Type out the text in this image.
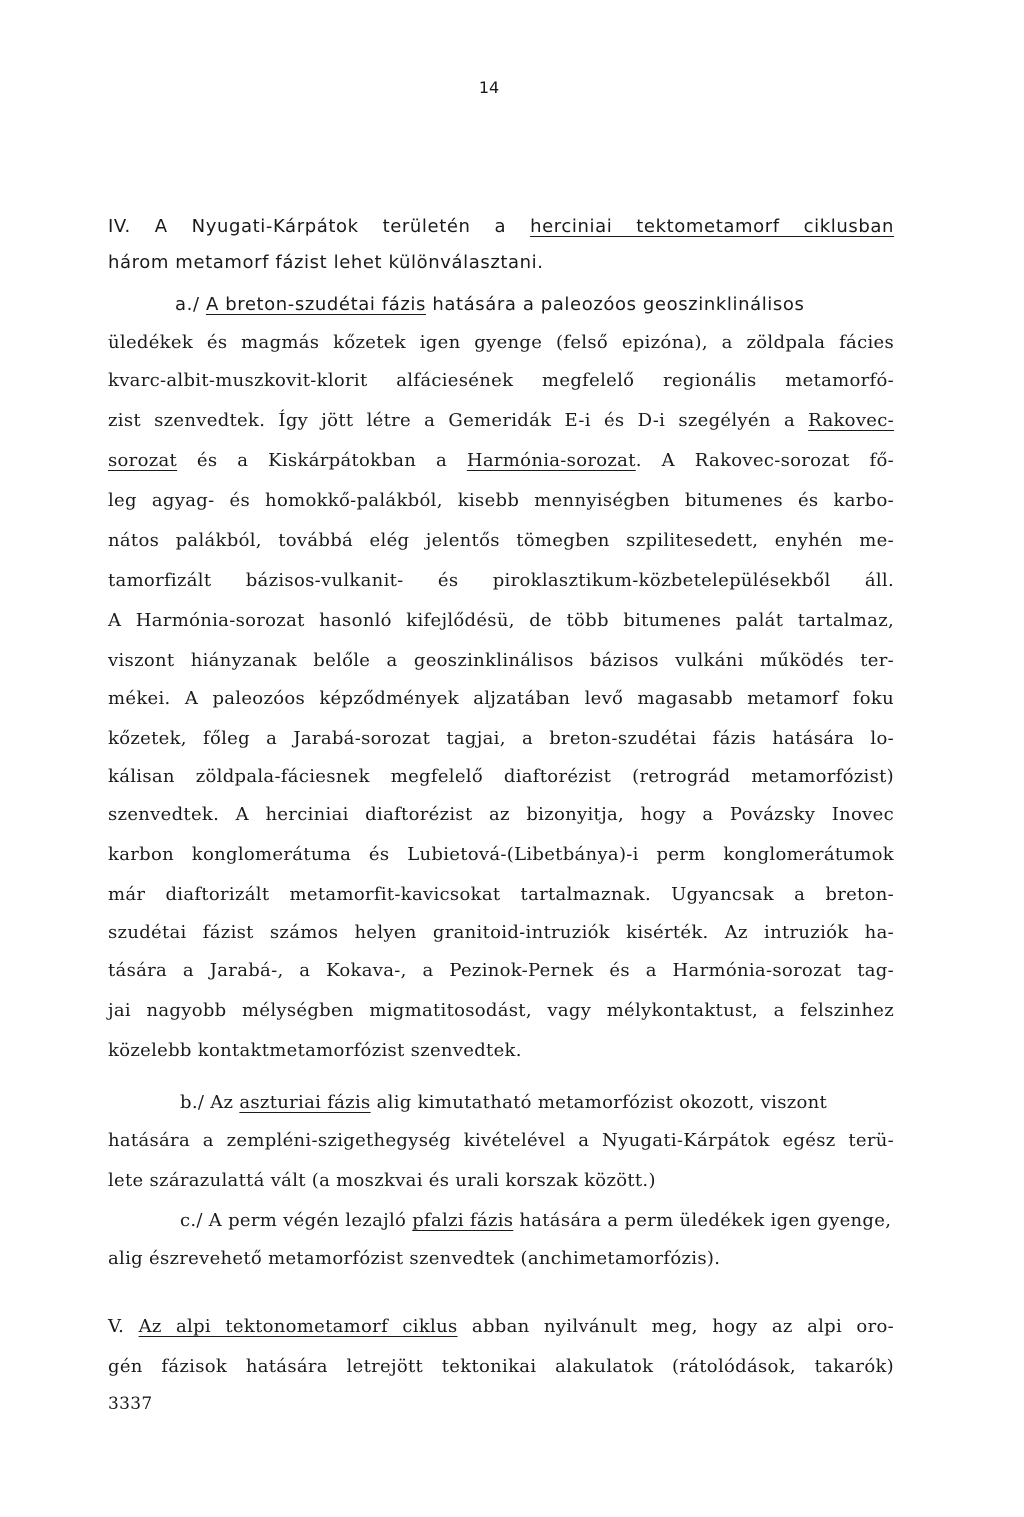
14
IV. A Nyugati-Kárpátok területén a herciniai tektometamorf ciklusban
három metamorf fázist lehet különválasztani.
a./ A breton-szudétai fázis hatására a paleozóos geoszinklinálisos
üledékek és magmás kőzetek igen gyenge (felső epizóna), a zöldpala fácies
kvarc-albit-muszkovit-klorit alfáciesének megfelelő regionális metamorfó-
zist szenvedtek. Így jött létre a Gemeridák E-i és D-i szegélyén a Rakovec-
sorozat és a Kiskárpátokban a Harmónia-sorozat. A Rakovec-sorozat fő-
leg agyag- és homokkő-palákból, kisebb mennyiségben bitumenes és karbo-
nátos palákból, továbbá elég jelentős tömegben szpilitesedett, enyhén me-
tamorfizált bázisos-vulkanit- és piroklasztikum-közbetelepülésekből áll.
A Harmónia-sorozat hasonló kifejlődésü, de több bitumenes palát tartalmaz,
viszont hiányzanak belőle a geoszinklinálisos bázisos vulkáni működés ter-
mékei. A paleozóos képződmények aljzatában levő magasabb metamorf foku
kőzetek, főleg a Jarabá-sorozat tagjai, a breton-szudétai fázis hatására lo-
kálisan zöldpala-fáciesnek megfelelő diaftorézist (retrográd metamorfózist)
szenvedtek. A herciniai diaftorézist az bizonyitja, hogy a Povázsky Inovec
karbon konglomerátuma és Lubietová-(Libetbánya)-i perm konglomerátumok
már diaftorizált metamorfit-kavicsokat tartalmaznak. Ugyancsak a breton-
szudétai fázist számos helyen granitoid-intruziók kisérték. Az intruziók ha-
tására a Jarabá-, a Kokava-, a Pezinok-Pernek és a Harmónia-sorozat tag-
jai nagyobb mélységben migmatitosodást, vagy mélykontaktust, a felszinhez
közelebb kontaktmetamorfózist szenvedtek.
b./ Az aszturiai fázis alig kimutatható metamorfózist okozott, viszont
hatására a zempléni-szigethegység kivételével a Nyugati-Kárpátok egész terü-
lete szárazulattá vált (a moszkvai és urali korszak között.)
c./ A perm végén lezajló pfalzi fázis hatására a perm üledékek igen gyenge,
alig észrevehető metamorfózist szenvedtek (anchimetamorfózis).
V. Az alpi tektonometamorf ciklus abban nyilvánult meg, hogy az alpi oro-
gén fázisok hatására letrejött tektonikai alakulatok (rátolódások, takarók)
3337
